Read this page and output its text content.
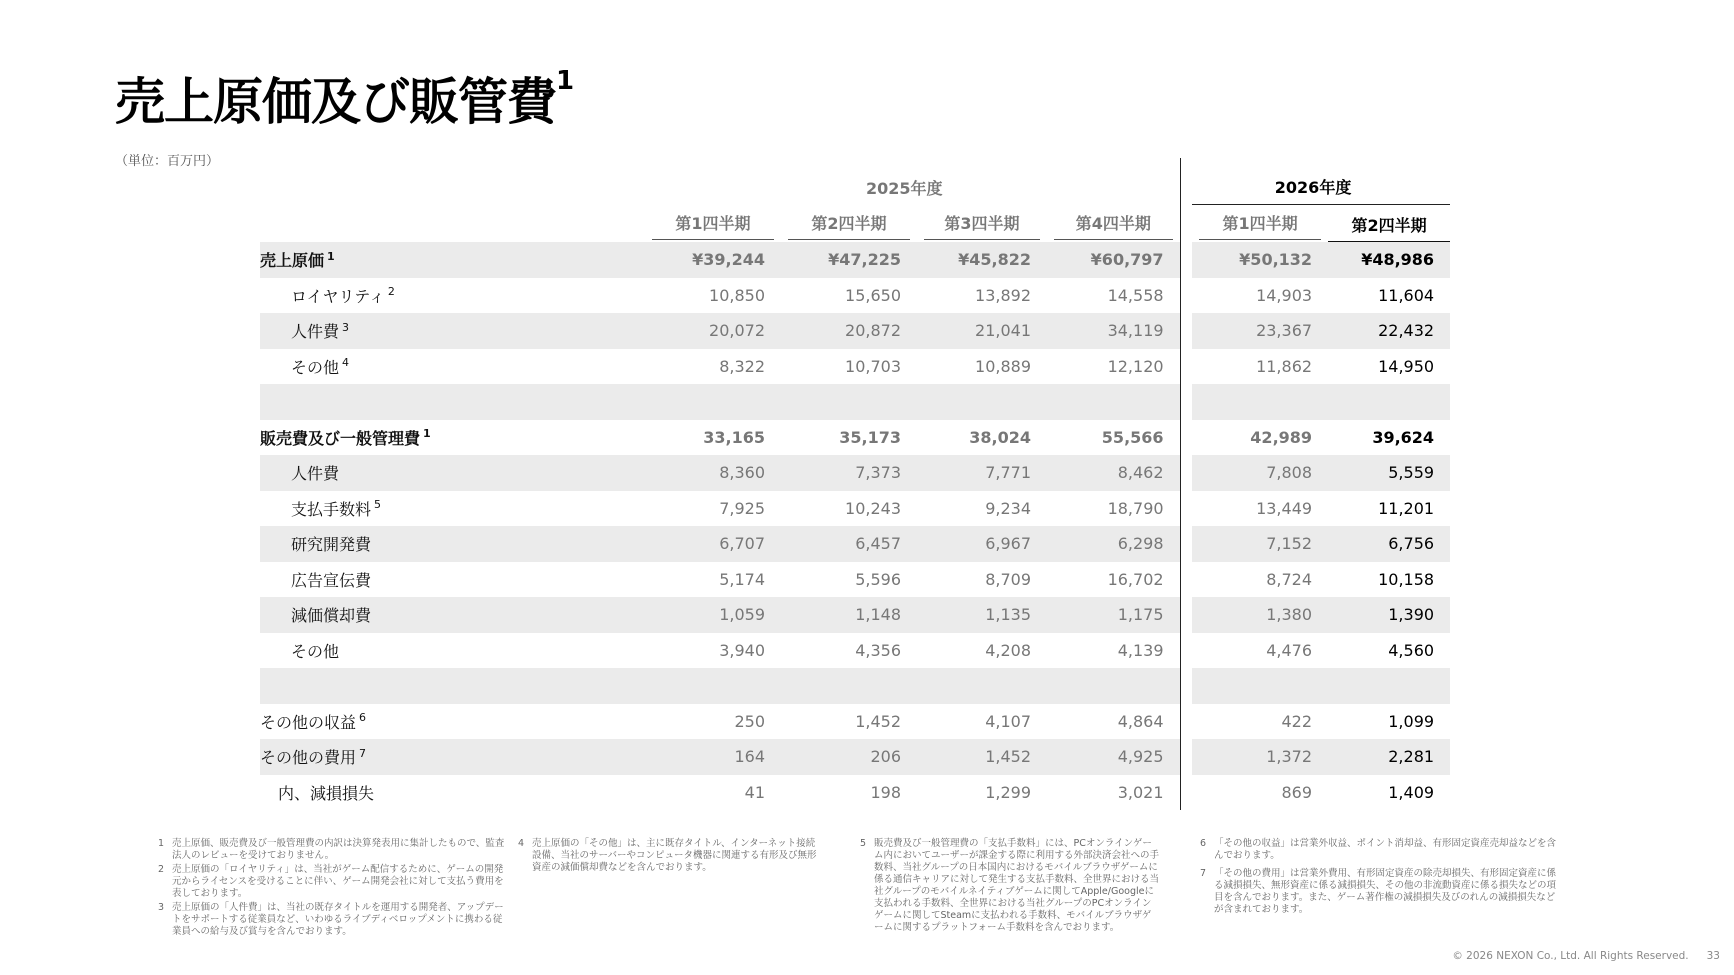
売上原価及び販管費$^1$
（単位：百万円）
	2025年度					2026年度	

	第1四半期	第2四半期	第3四半期	第4四半期		第1四半期	第2四半期

売上原価 $^1$	¥39,244	¥47,225	¥45,822	¥60,797		¥50,132	¥48,986
ロイヤリティ $^2$	10,850	15,650	13,892	14,558		14,903	11,604
人件費 $^3$	20,072	20,872	21,041	34,119		23,367	22,432
その他 $^4$	8,322	10,703	10,889	12,120		11,862	14,950

販売費及び一般管理費 $^1$	33,165	35,173	38,024	55,566		42,989	39,624
人件費	8,360	7,373	7,771	8,462		7,808	5,559
支払手数料 $^5$	7,925	10,243	9,234	18,790		13,449	11,201
研究開発費	6,707	6,457	6,967	6,298		7,152	6,756
広告宣伝費	5,174	5,596	8,709	16,702		8,724	10,158
減価償却費	1,059	1,148	1,135	1,175		1,380	1,390
その他	3,940	4,356	4,208	4,139		4,476	4,560

その他の収益 $^6$	250	1,452	4,107	4,864		422	1,099
その他の費用 $^7$	164	206	1,452	4,925		1,372	2,281
内、減損損失	41	198	1,299	3,021		869	1,409
1 売上原価、販売費及び一般管理費の内訳は決算発表用に集計したもので、監査法人のレビューを受けておりません。
2 売上原価の「ロイヤリティ」は、当社がゲーム配信するために、ゲームの開発元からライセンスを受けることに伴い、ゲーム開発会社に対して支払う費用を表しております。
3 売上原価の「人件費」は、当社の既存タイトルを運用する開発者、アップデートをサポートする従業員など、いわゆるライブディベロップメントに携わる従業員への給与及び賞与を含んでおります。
4 売上原価の「その他」は、主に既存タイトル、インターネット接続設備、当社のサーバーやコンピュータ機器に関連する有形及び無形資産の減価償却費などを含んでおります。
5 販売費及び一般管理費の「支払手数料」には、PCオンラインゲーム内においてユーザーが課金する際に利用する外部決済会社への手数料、当社グループの日本国内におけるモバイルブラウザゲームに係る通信キャリアに対して発生する支払手数料、全世界における当社グループのモバイルネイティブゲームに関してApple/Googleに支払われる手数料、全世界における当社グループのPCオンラインゲームに関してSteamに支払われる手数料、モバイルブラウザゲームに関するプラットフォーム手数料を含んでおります。
6 「その他の収益」は営業外収益、ポイント消却益、有形固定資産売却益などを含んでおります。
7 「その他の費用」は営業外費用、有形固定資産の除売却損失、有形固定資産に係る減損損失、無形資産に係る減損損失、その他の非流動資産に係る損失などの項目を含んでおります。また、ゲーム著作権の減損損失及びのれんの減損損失などが含まれております。
© 2026 NEXON Co., Ltd. All Rights Reserved. 33
